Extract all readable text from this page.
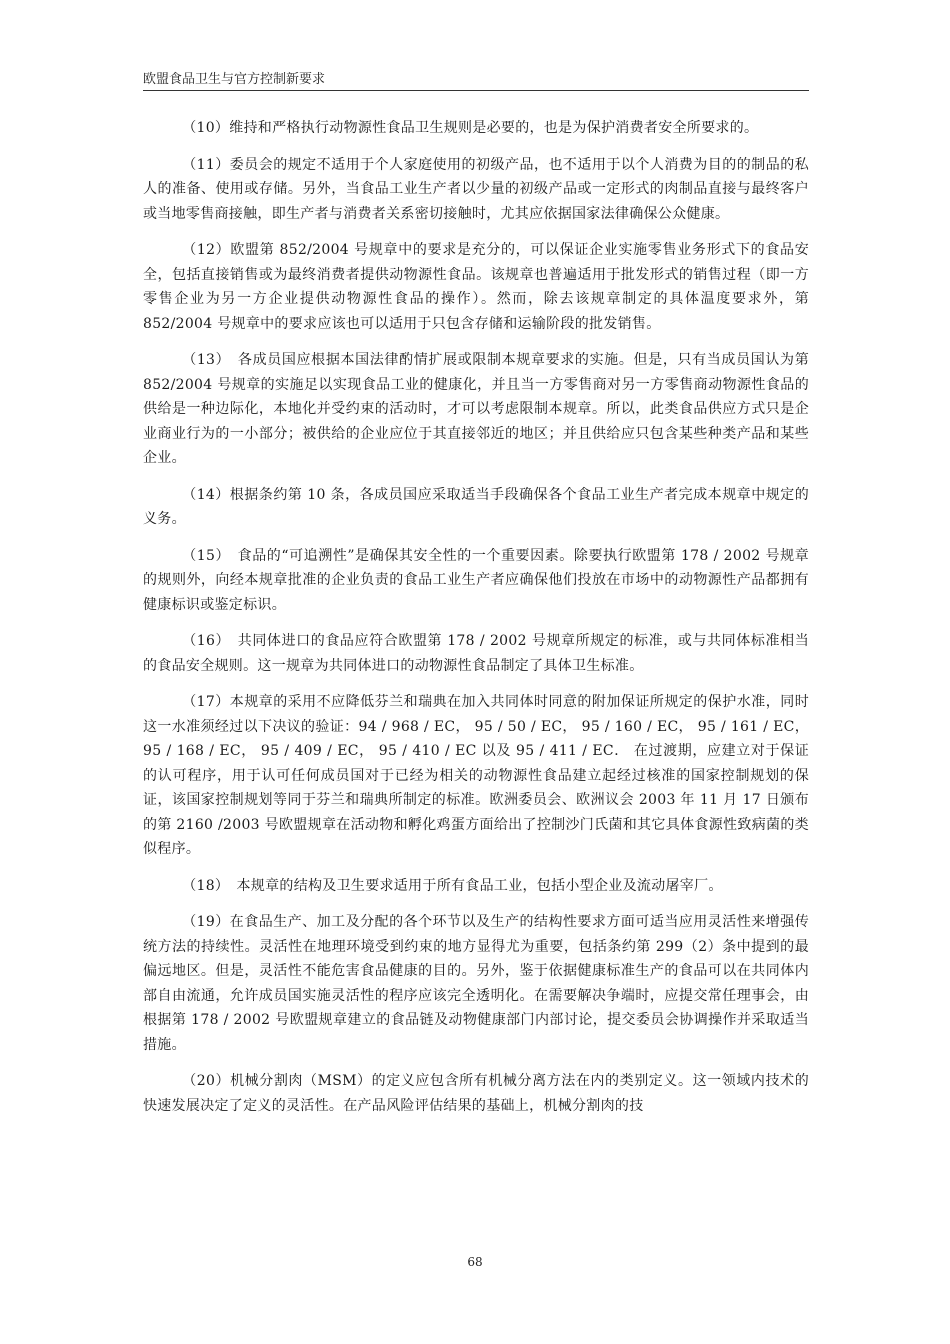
欧盟食品卫生与官方控制新要求

（10）维持和严格执行动物源性食品卫生规则是必要的，也是为保护消费者安全所要求的。

（11）委员会的规定不适用于个人家庭使用的初级产品，也不适用于以个人消费为目的的制品的私人的准备、使用或存储。另外，当食品工业生产者以少量的初级产品或一定形式的肉制品直接与最终客户或当地零售商接触，即生产者与消费者关系密切接触时，尤其应依据国家法律确保公众健康。

（12）欧盟第 852/2004 号规章中的要求是充分的，可以保证企业实施零售业务形式下的食品安全，包括直接销售或为最终消费者提供动物源性食品。该规章也普遍适用于批发形式的销售过程（即一方零售企业为另一方企业提供动物源性食品的操作）。然而，除去该规章制定的具体温度要求外，第 852/2004 号规章中的要求应该也可以适用于只包含存储和运输阶段的批发销售。

（13）　各成员国应根据本国法律酌情扩展或限制本规章要求的实施。但是，只有当成员国认为第 852/2004 号规章的实施足以实现食品工业的健康化，并且当一方零售商对另一方零售商动物源性食品的供给是一种边际化，本地化并受约束的活动时，才可以考虑限制本规章。所以，此类食品供应方式只是企业商业行为的一小部分；被供给的企业应位于其直接邻近的地区；并且供给应只包含某些种类产品和某些企业。

（14）根据条约第 10 条，各成员国应采取适当手段确保各个食品工业生产者完成本规章中规定的义务。

（15）　食品的“可追溯性”是确保其安全性的一个重要因素。除要执行欧盟第 178 / 2002 号规章的规则外，向经本规章批准的企业负责的食品工业生产者应确保他们投放在市场中的动物源性产品都拥有健康标识或鉴定标识。

（16）　共同体进口的食品应符合欧盟第 178 / 2002 号规章所规定的标准，或与共同体标准相当的食品安全规则。这一规章为共同体进口的动物源性食品制定了具体卫生标准。

（17）本规章的采用不应降低芬兰和瑞典在加入共同体时同意的附加保证所规定的保护水准，同时这一水准须经过以下决议的验证：94 / 968 / EC， 95 / 50 / EC， 95 / 160 / EC， 95 / 161 / EC， 95 / 168 / EC， 95 / 409 / EC， 95 / 410 / EC 以及 95 / 411 / EC． 在过渡期，应建立对于保证的认可程序，用于认可任何成员国对于已经为相关的动物源性食品建立起经过核准的国家控制规划的保证，该国家控制规划等同于芬兰和瑞典所制定的标准。欧洲委员会、欧洲议会 2003 年 11 月 17 日颁布的第 2160 /2003 号欧盟规章在活动物和孵化鸡蛋方面给出了控制沙门氏菌和其它具体食源性致病菌的类似程序。

（18）　本规章的结构及卫生要求适用于所有食品工业，包括小型企业及流动屠宰厂。

（19）在食品生产、加工及分配的各个环节以及生产的结构性要求方面可适当应用灵活性来增强传统方法的持续性。灵活性在地理环境受到约束的地方显得尤为重要，包括条约第 299（2）条中提到的最偏远地区。但是，灵活性不能危害食品健康的目的。另外，鉴于依据健康标准生产的食品可以在共同体内部自由流通，允许成员国实施灵活性的程序应该完全透明化。在需要解决争端时，应提交常任理事会，由根据第 178 / 2002 号欧盟规章建立的食品链及动物健康部门内部讨论，提交委员会协调操作并采取适当措施。

（20）机械分割肉（MSM）的定义应包含所有机械分离方法在内的类别定义。这一领域内技术的快速发展决定了定义的灵活性。在产品风险评估结果的基础上，机械分割肉的技

68
